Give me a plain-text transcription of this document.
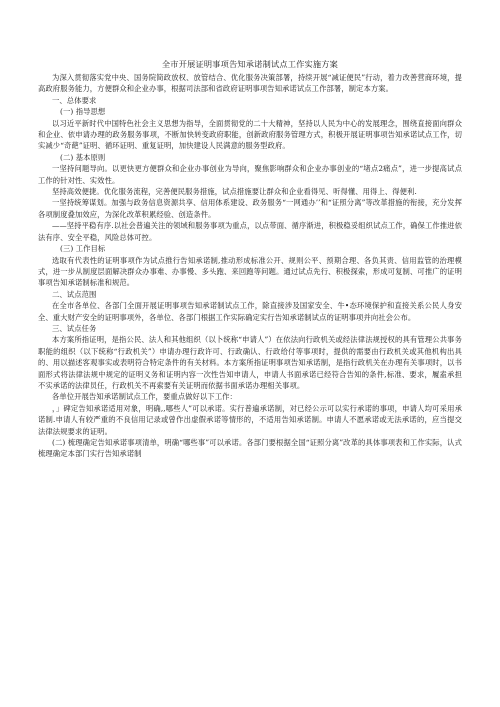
全市开展证明事项告知承诺制试点工作实施方案

为深入贯彻落实党中央、国务院简政放权、放管结合、优化服务决策部署，持续开展“减证便民”行动，着力改善营商环境，提高政府服务能力，方便群众和企业办事，根据司法部和省政府证明事项告知承诺试点工作部署，制定本方案。

一、总体要求

(一) 指导思想

以习近平新时代中国特色社会主义思想为指导，全面贯彻党的二十大精神，坚持以人民为中心的发展理念，围绕直接面向群众和企业、依申请办理的政务服务事项，不断加快转变政府职能，创新政府服务管理方式，积极开展证明事项告知承诺试点工作，切实减少“奇葩”证明、循环证明、重复证明，加快建设人民满意的服务型政府。

(二) 基本原则

一坚持问题导向。以更快更方便群众和企业办事创业为导向，聚焦影响群众和企业办事创业的“堵点2痛点”，进一步提高试点工作的针对性、实效性。

坚持高效便捷。优化服务流程，完善便民服务措施，试点措施要让群众和企业看得见、听得懂、用得上、得便利.

一坚持统筹谋划。加强与政务信息资源共享、信用体系建设、政务服务“一网通办’’和“证照分离”等改革措施的衔接，充分发挥各项制度叠加效应，为深化改革积累经验、创造条件。

——坚持平稳有序.以社会普遍关注的领域和服务事项为重点，以点带面、循序渐进，积极稳妥组织试点工作，确保工作推进依法有序、安全平稳，风险总体可控。

(三) 工作目标

选取有代表性的证明事项作为试点推行告知承诺制,推动形成标准公开、规则公平、预期合理、各负其责、信用监管的治理模式，进一步从制度层面解决群众办事难、办事慢、多头跑、来回跑等问题。通过试点先行、积极探索，形成可复制、可推广的证明事项告知承诺制标准和规范。

二、试点范围

在全市各单位、各部门全面开展证明事项告知承诺制试点工作，除直接涉及国家安全、牛•态环境保护和直接关系公民人身安全、重大财产安全的证明事项外，各单位、各部门根据工作实际确定实行告知承诺制试点的证明事项并向社会公布。

三、试点任务

本方案所指证明，是指公民、法人和其他组织（以卜统称“申请人”）在依法向行政机关或经法律法规授权的具有管理公共事务职能的组织（以下统称“行政机关”）申请办理行政许可、行政确认、行政给付等事项时，提供的需要由行政机关或其他机构出具的、用以描述客观事实或表明符合特定条件的有关材料。本方案所指证明事项告知承诺制，是指行政机关在办理有关事项时，以书面形式将法律法规中规定的证明义务和证明内容一次性告知申请人，申请人书面承诺已经符合告知的条件,标准、要求，履盍承担不实承诺的法律员任，行政机关不再索要有关证明而依据书面承诺办理相关事项。

各单位开展告知承诺制试点工作，要重点做好以下工作：

，」碑定告知承诺适用对象，明确,,哪些人”可以承诺。实行普遍承诺制，对已经公示可以实行承诺的事项，申请人均可采用承诺制.申请人有较严重的不良信用记录或曾作出虚假承诺等情形的，不适用告知承诺制。申请人不愿承诺或无法承诺的，应当提交法律法规要求的证明。

(二) 梳理确定告知承诺事项清单，明确“哪些事”可以承诺。各部门要根据全国“证照分离”改革的具体事项表和工作实际，认式梳理确定本部门实行告知承诺制
